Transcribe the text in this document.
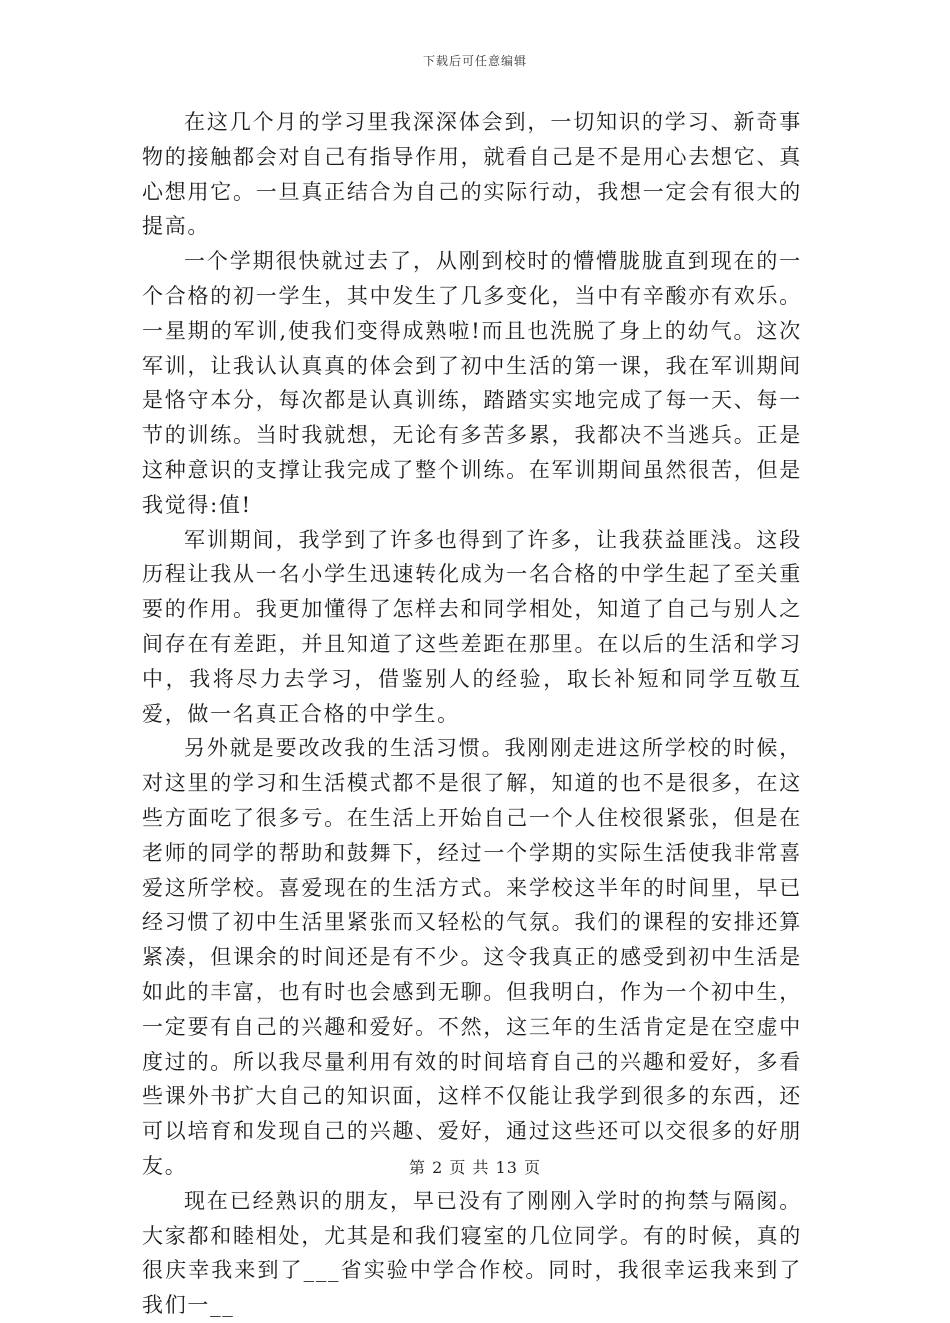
下载后可任意编辑

在这几个月的学习里我深深体会到，一切知识的学习、新奇事物的接触都会对自己有指导作用，就看自己是不是用心去想它、真心想用它。一旦真正结合为自己的实际行动，我想一定会有很大的提高。

一个学期很快就过去了，从刚到校时的懵懵胧胧直到现在的一个合格的初一学生，其中发生了几多变化，当中有辛酸亦有欢乐。一星期的军训,使我们变得成熟啦!而且也洗脱了身上的幼气。这次军训，让我认认真真的体会到了初中生活的第一课，我在军训期间是恪守本分，每次都是认真训练，踏踏实实地完成了每一天、每一节的训练。当时我就想，无论有多苦多累，我都决不当逃兵。正是这种意识的支撑让我完成了整个训练。在军训期间虽然很苦，但是我觉得:值!

军训期间，我学到了许多也得到了许多，让我获益匪浅。这段历程让我从一名小学生迅速转化成为一名合格的中学生起了至关重要的作用。我更加懂得了怎样去和同学相处，知道了自己与别人之间存在有差距，并且知道了这些差距在那里。在以后的生活和学习中，我将尽力去学习，借鉴别人的经验，取长补短和同学互敬互爱，做一名真正合格的中学生。

另外就是要改改我的生活习惯。我刚刚走进这所学校的时候，对这里的学习和生活模式都不是很了解，知道的也不是很多，在这些方面吃了很多亏。在生活上开始自己一个人住校很紧张，但是在老师的同学的帮助和鼓舞下，经过一个学期的实际生活使我非常喜爱这所学校。喜爱现在的生活方式。来学校这半年的时间里，早已经习惯了初中生活里紧张而又轻松的气氛。我们的课程的安排还算紧凑，但课余的时间还是有不少。这令我真正的感受到初中生活是如此的丰富，也有时也会感到无聊。但我明白，作为一个初中生，一定要有自己的兴趣和爱好。不然，这三年的生活肯定是在空虚中度过的。所以我尽量利用有效的时间培育自己的兴趣和爱好，多看些课外书扩大自己的知识面，这样不仅能让我学到很多的东西，还可以培育和发现自己的兴趣、爱好，通过这些还可以交很多的好朋友。

现在已经熟识的朋友，早已没有了刚刚入学时的拘禁与隔阂。大家都和睦相处，尤其是和我们寝室的几位同学。有的时候，真的很庆幸我来到了___省实验中学合作校。同时，我很幸运我来到了我们一__

第 2 页 共 13 页
